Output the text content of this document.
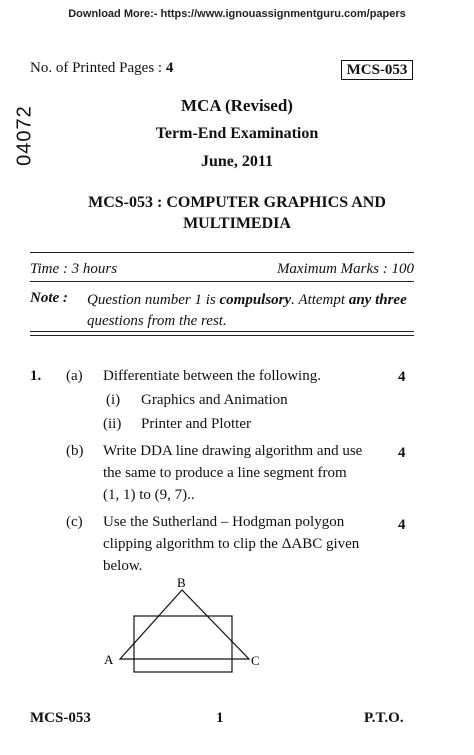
Download More:- https://www.ignouassignmentguru.com/papers
No. of Printed Pages : 4	MCS-053
04072	MCA (Revised)
Term-End Examination
June, 2011
MCS-053 : COMPUTER GRAPHICS AND
MULTIMEDIA
Time : 3 hours	Maximum Marks : 100
Note : Question number 1 is compulsory. Attempt any three
questions from the rest.
1. (a) Differentiate between the following.	4
(i) Graphics and Animation
(ii) Printer and Plotter
(b) Write DDA line drawing algorithm and use
the same to produce a line segment from
(1, 1) to (9, 7)..
4
(c) Use the Sutherland – Hodgman polygon
clipping algorithm to clip the ΔABC given
below.
4
A
B
C
MCS-053	1	P.T.O.
